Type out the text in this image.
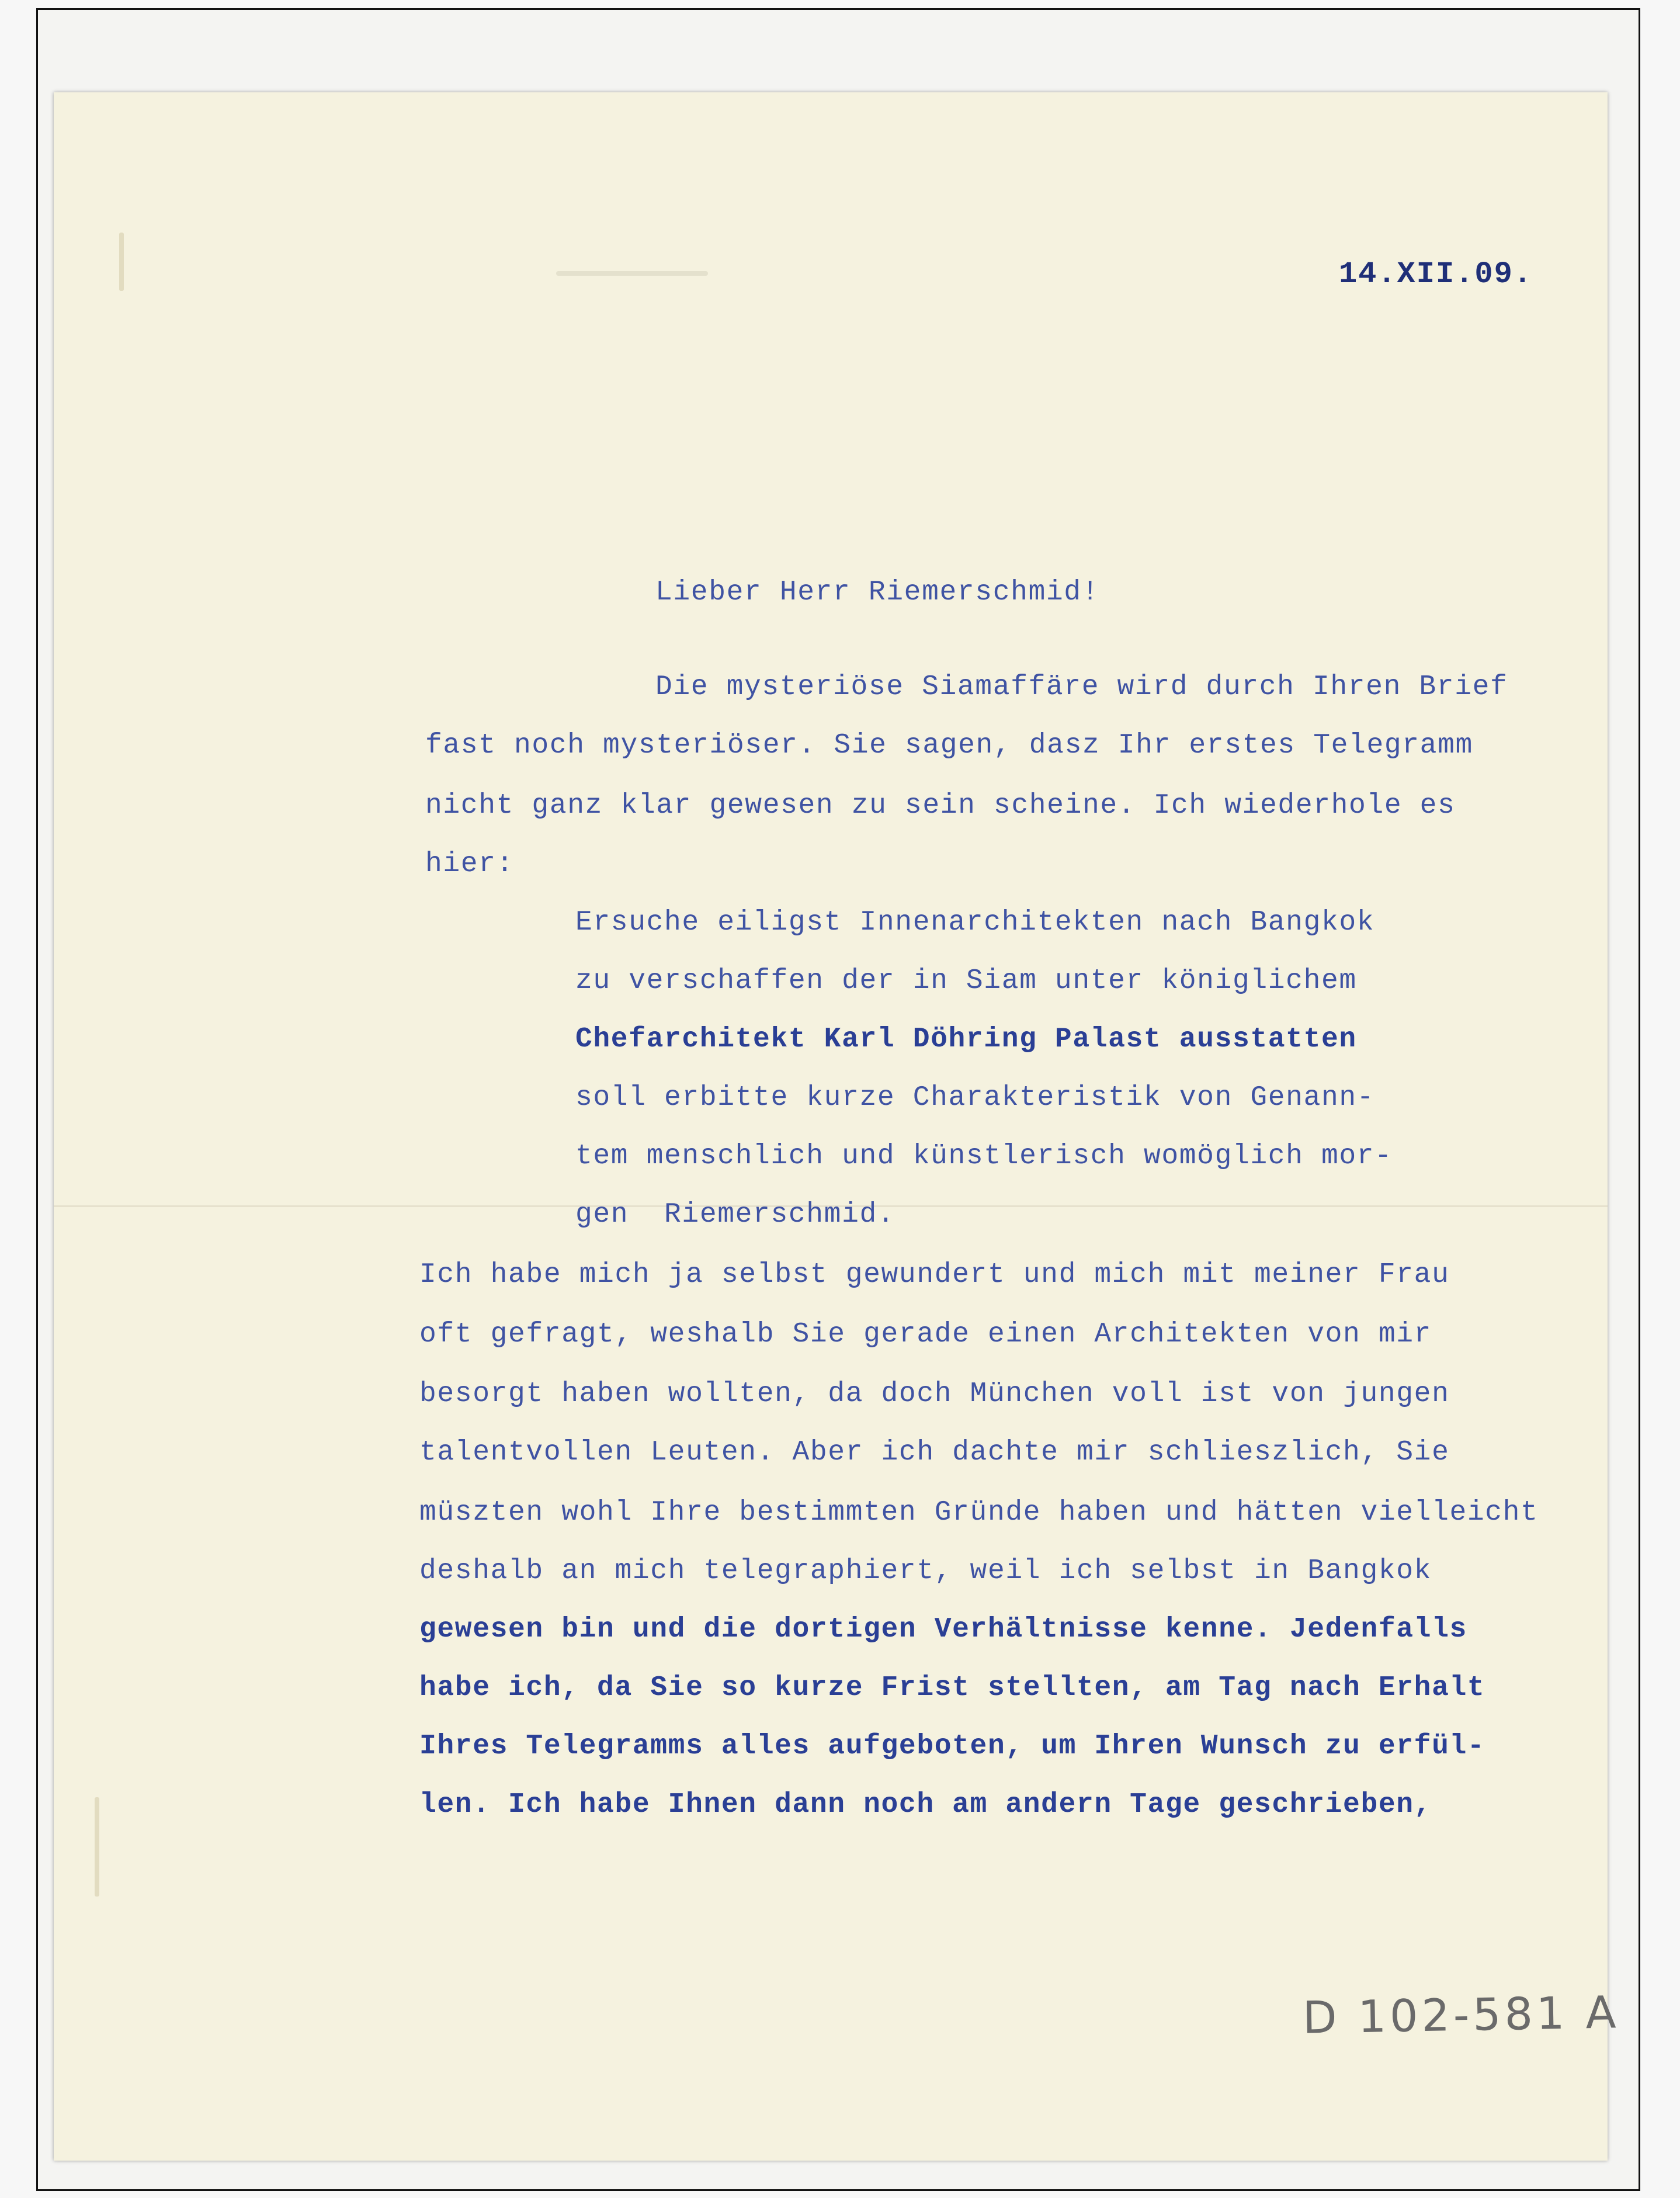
14.XII.09.
Lieber Herr Riemerschmid!
Die mysteriöse Siamaffäre wird durch Ihren Brief
fast noch mysteriöser. Sie sagen, dasz Ihr erstes Telegramm
nicht ganz klar gewesen zu sein scheine. Ich wiederhole es
hier:
Ersuche eiligst Innenarchitekten nach Bangkok
zu verschaffen der in Siam unter königlichem
Chefarchitekt Karl Döhring Palast ausstatten
soll erbitte kurze Charakteristik von Genann-
tem menschlich und künstlerisch womöglich mor-
gen  Riemerschmid.
Ich habe mich ja selbst gewundert und mich mit meiner Frau
oft gefragt, weshalb Sie gerade einen Architekten von mir
besorgt haben wollten, da doch München voll ist von jungen
talentvollen Leuten. Aber ich dachte mir schlieszlich, Sie
müszten wohl Ihre bestimmten Gründe haben und hätten vielleicht
deshalb an mich telegraphiert, weil ich selbst in Bangkok
gewesen bin und die dortigen Verhältnisse kenne. Jedenfalls
habe ich, da Sie so kurze Frist stellten, am Tag nach Erhalt
Ihres Telegramms alles aufgeboten, um Ihren Wunsch zu erfül-
len. Ich habe Ihnen dann noch am andern Tage geschrieben,
D 102-581 A
